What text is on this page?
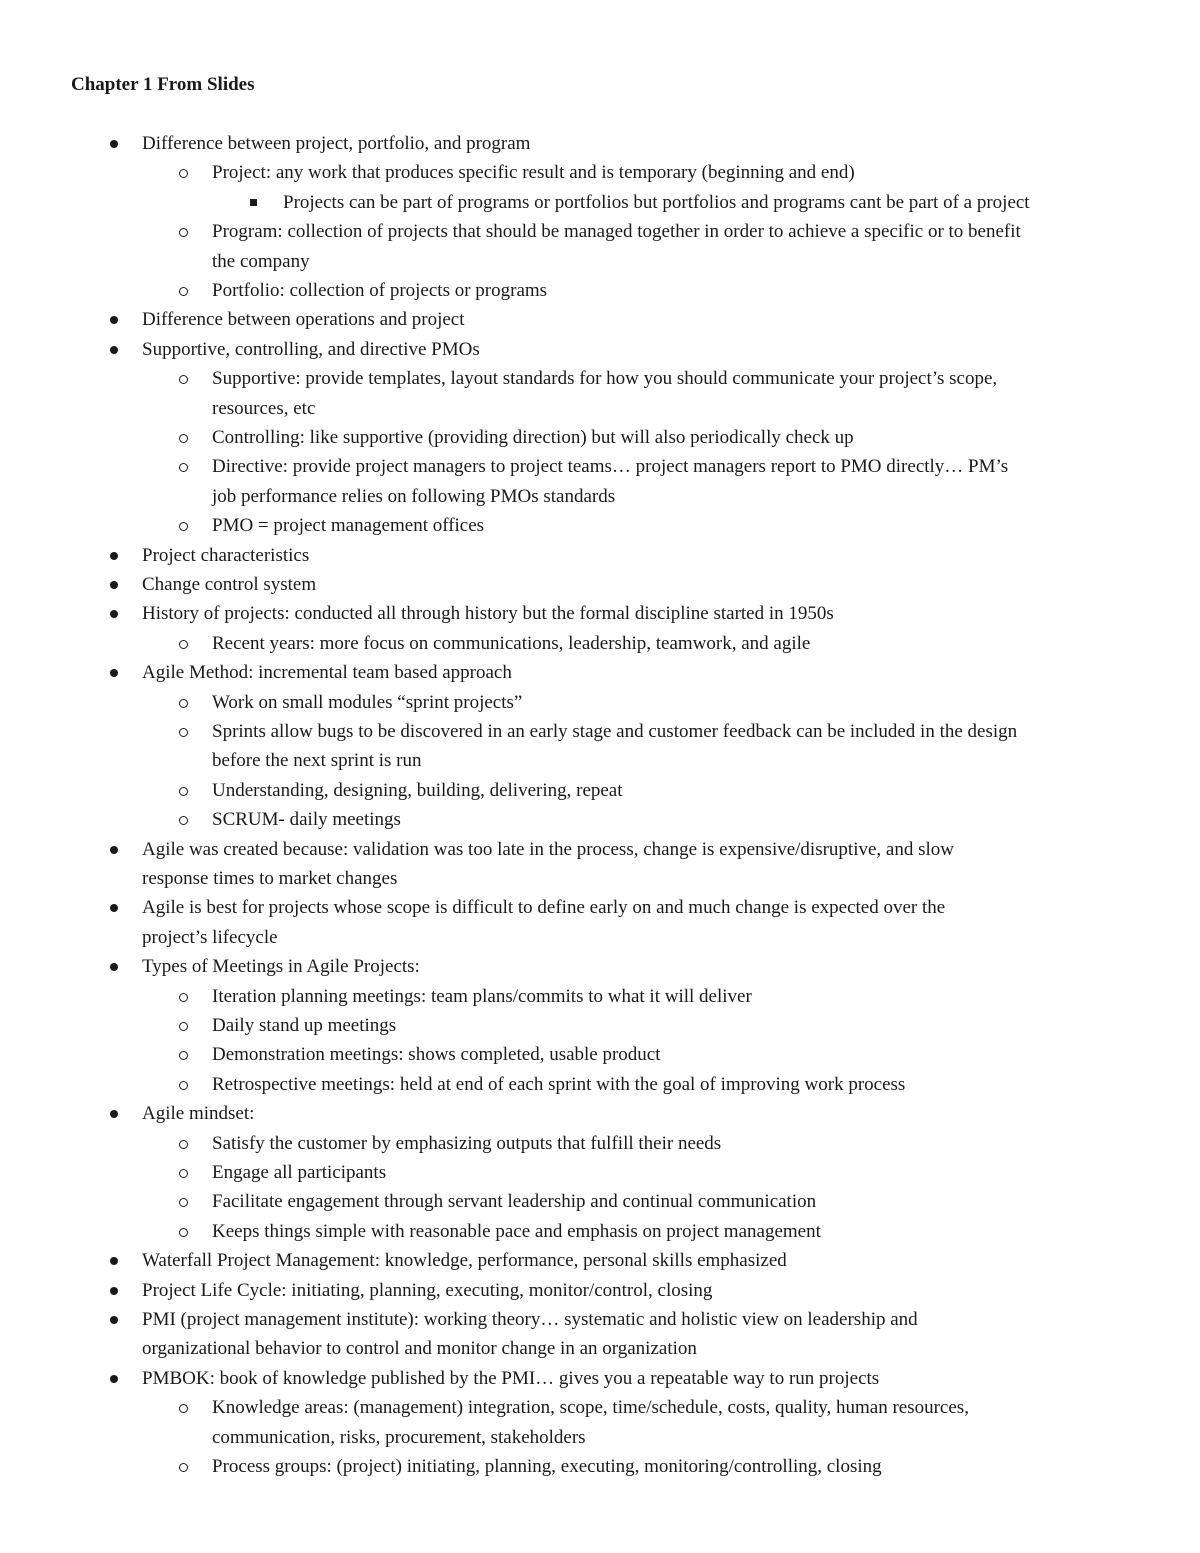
Chapter 1 From Slides
Difference between project, portfolio, and program
Project: any work that produces specific result and is temporary (beginning and end)
Projects can be part of programs or portfolios but portfolios and programs cant be part of a project
Program: collection of projects that should be managed together in order to achieve a specific or to benefit
the company
Portfolio: collection of projects or programs
Difference between operations and project
Supportive, controlling, and directive PMOs
Supportive: provide templates, layout standards for how you should communicate your project’s scope,
resources, etc
Controlling: like supportive (providing direction) but will also periodically check up
Directive: provide project managers to project teams… project managers report to PMO directly… PM’s
job performance relies on following PMOs standards
PMO = project management offices
Project characteristics
Change control system
History of projects: conducted all through history but the formal discipline started in 1950s
Recent years: more focus on communications, leadership, teamwork, and agile
Agile Method: incremental team based approach
Work on small modules “sprint projects”
Sprints allow bugs to be discovered in an early stage and customer feedback can be included in the design
before the next sprint is run
Understanding, designing, building, delivering, repeat
SCRUM- daily meetings
Agile was created because: validation was too late in the process, change is expensive/disruptive, and slow
response times to market changes
Agile is best for projects whose scope is difficult to define early on and much change is expected over the
project’s lifecycle
Types of Meetings in Agile Projects:
Iteration planning meetings: team plans/commits to what it will deliver
Daily stand up meetings
Demonstration meetings: shows completed, usable product
Retrospective meetings: held at end of each sprint with the goal of improving work process
Agile mindset:
Satisfy the customer by emphasizing outputs that fulfill their needs
Engage all participants
Facilitate engagement through servant leadership and continual communication
Keeps things simple with reasonable pace and emphasis on project management
Waterfall Project Management: knowledge, performance, personal skills emphasized
Project Life Cycle: initiating, planning, executing, monitor/control, closing
PMI (project management institute): working theory… systematic and holistic view on leadership and
organizational behavior to control and monitor change in an organization
PMBOK: book of knowledge published by the PMI… gives you a repeatable way to run projects
Knowledge areas: (management) integration, scope, time/schedule, costs, quality, human resources,
communication, risks, procurement, stakeholders
Process groups: (project) initiating, planning, executing, monitoring/controlling, closing
